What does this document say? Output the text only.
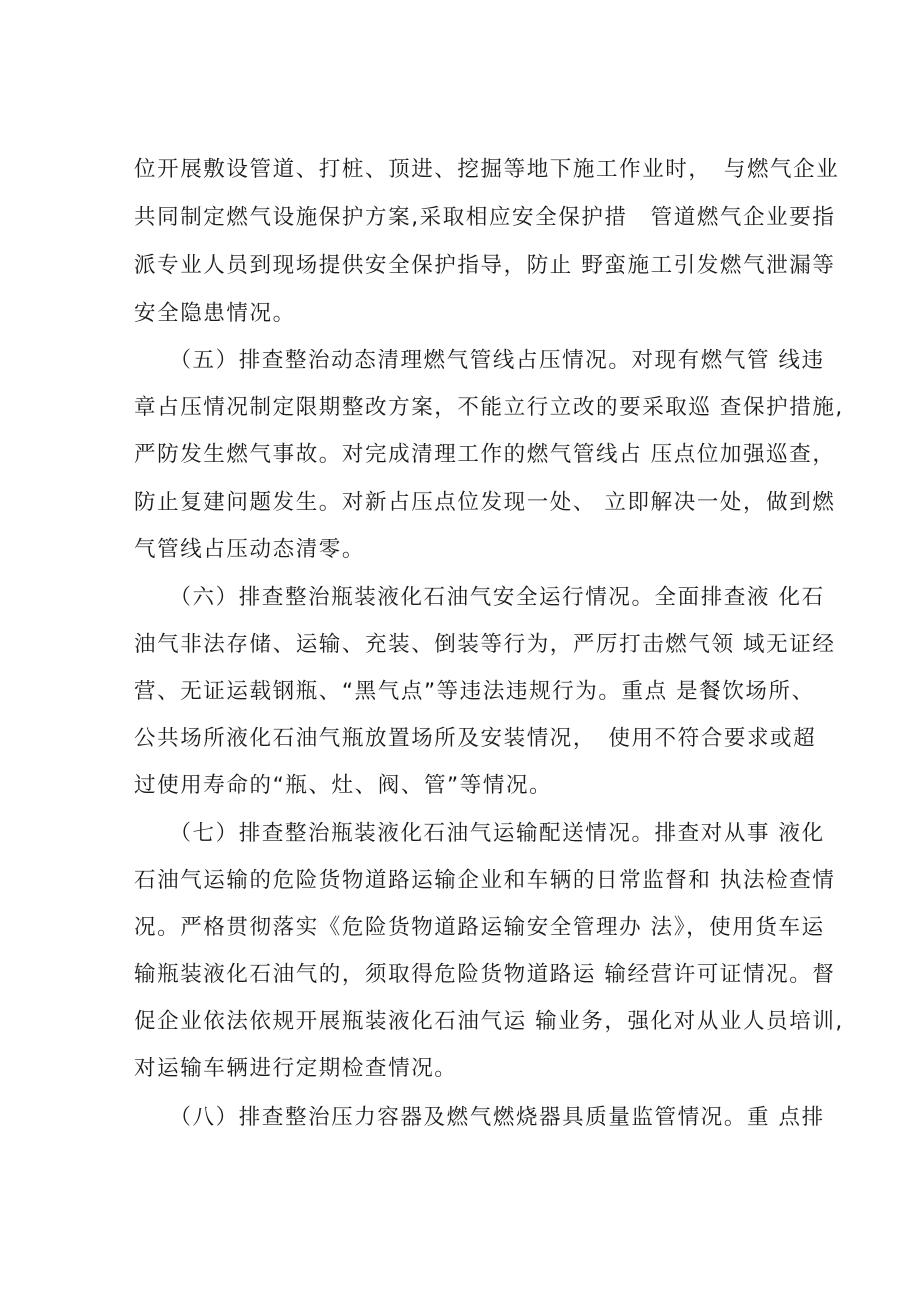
位开展敷设管道、打桩、顶进、挖掘等地下施工作业时，　与燃气企业
共同制定燃气设施保护方案,采取相应安全保护措　管道燃气企业要指
派专业人员到现场提供安全保护指导，防止 野蛮施工引发燃气泄漏等
安全隐患情况。
　　（五）排查整治动态清理燃气管线占压情况。对现有燃气管 线违
章占压情况制定限期整改方案，不能立行立改的要采取巡 查保护措施,
严防发生燃气事故。对完成清理工作的燃气管线占 压点位加强巡查，
防止复建问题发生。对新占压点位发现一处、 立即解决一处，做到燃
气管线占压动态清零。
　　（六）排查整治瓶装液化石油气安全运行情况。全面排查液 化石
油气非法存储、运输、充装、倒装等行为，严厉打击燃气领 域无证经
营、无证运载钢瓶、“黑气点”等违法违规行为。重点 是餐饮场所、
公共场所液化石油气瓶放置场所及安装情况，　使用不符合要求或超
过使用寿命的“瓶、灶、阀、管”等情况。
　　（七）排查整治瓶装液化石油气运输配送情况。排查对从事 液化
石油气运输的危险货物道路运输企业和车辆的日常监督和 执法检查情
况。严格贯彻落实《危险货物道路运输安全管理办 法》，使用货车运
输瓶装液化石油气的，须取得危险货物道路运 输经营许可证情况。督
促企业依法依规开展瓶装液化石油气运 输业务，强化对从业人员培训,
对运输车辆进行定期检查情况。
　　（八）排查整治压力容器及燃气燃烧器具质量监管情况。重 点排
